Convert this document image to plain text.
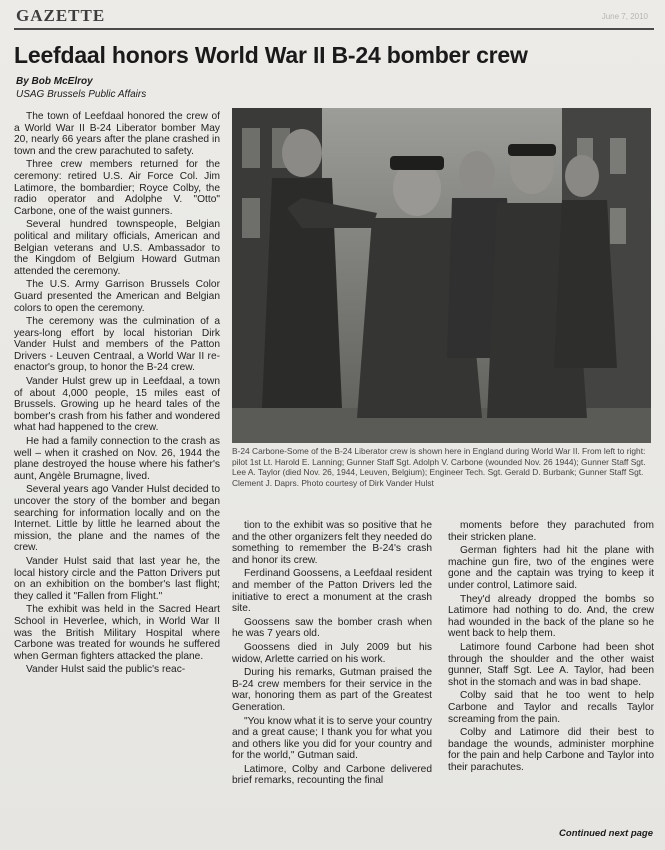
GAZETTE	June 7, 2010
Leefdaal honors World War II B-24 bomber crew
By Bob McElroy
USAG Brussels Public Affairs

The town of Leefdaal honored the crew of a World War II B-24 Liberator bomber May 20, nearly 66 years after the plane crashed in town and the crew parachuted to safety.

Three crew members returned for the ceremony: retired U.S. Air Force Col. Jim Latimore, the bombardier; Royce Colby, the radio operator and Adolphe V. "Otto" Carbone, one of the waist gunners.

Several hundred townspeople, Belgian political and military officials, American and Belgian veterans and U.S. Ambassador to the Kingdom of Belgium Howard Gutman attended the ceremony.

The U.S. Army Garrison Brussels Color Guard presented the American and Belgian colors to open the ceremony.

The ceremony was the culmination of a years-long effort by local historian Dirk Vander Hulst and members of the Patton Drivers - Leuven Centraal, a World War II re-enactor's group, to honor the B-24 crew.

Vander Hulst grew up in Leefdaal, a town of about 4,000 people, 15 miles east of Brussels. Growing up he heard tales of the bomber's crash from his father and wondered what had happened to the crew.

He had a family connection to the crash as well – when it crashed on Nov. 26, 1944 the plane destroyed the house where his father's aunt, Angèle Brumagne, lived.

Several years ago Vander Hulst decided to uncover the story of the bomber and began searching for information locally and on the Internet. Little by little he learned about the mission, the plane and the names of the crew.

Vander Hulst said that last year he, the local history circle and the Patton Drivers put on an exhibition on the bomber's last flight; they called it "Fallen from Flight."

The exhibit was held in the Sacred Heart School in Heverlee, which, in World War II was the British Military Hospital where Carbone was treated for wounds he suffered when German fighters attacked the plane.

Vander Hulst said the public's reac-

B-24 Carbone-Some of the B-24 Liberator crew is shown here in England during World War II. From left to right: pilot 1st Lt. Harold E. Lanning; Gunner Staff Sgt. Adolph V. Carbone (wounded Nov. 26 1944); Gunner Staff Sgt. Lee A. Taylor (died Nov. 26, 1944, Leuven, Belgium); Engineer Tech. Sgt. Gerald D. Burbank; Gunner Staff Sgt. Clement J. Daprs. Photo courtesy of Dirk Vander Hulst

tion to the exhibit was so positive that he and the other organizers felt they needed do something to remember the B-24's crash and honor its crew.

Ferdinand Goossens, a Leefdaal resident and member of the Patton Drivers led the initiative to erect a monument at the crash site.

Goossens saw the bomber crash when he was 7 years old.

Goossens died in July 2009 but his widow, Arlette carried on his work.

During his remarks, Gutman praised the B-24 crew members for their service in the war, honoring them as part of the Greatest Generation.

"You know what it is to serve your country and a great cause; I thank you for what you and others like you did for your country and for the world," Gutman said.

Latimore, Colby and Carbone delivered brief remarks, recounting the final

moments before they parachuted from their stricken plane.

German fighters had hit the plane with machine gun fire, two of the engines were gone and the captain was trying to keep it under control, Latimore said.

They'd already dropped the bombs so Latimore had nothing to do. And, the crew had wounded in the back of the plane so he went back to help them.

Latimore found Carbone had been shot through the shoulder and the other waist gunner, Staff Sgt. Lee A. Taylor, had been shot in the stomach and was in bad shape.

Colby said that he too went to help Carbone and Taylor and recalls Taylor screaming from the pain.

Colby and Latimore did their best to bandage the wounds, administer morphine for the pain and help Carbone and Taylor into their parachutes.

Continued next page
